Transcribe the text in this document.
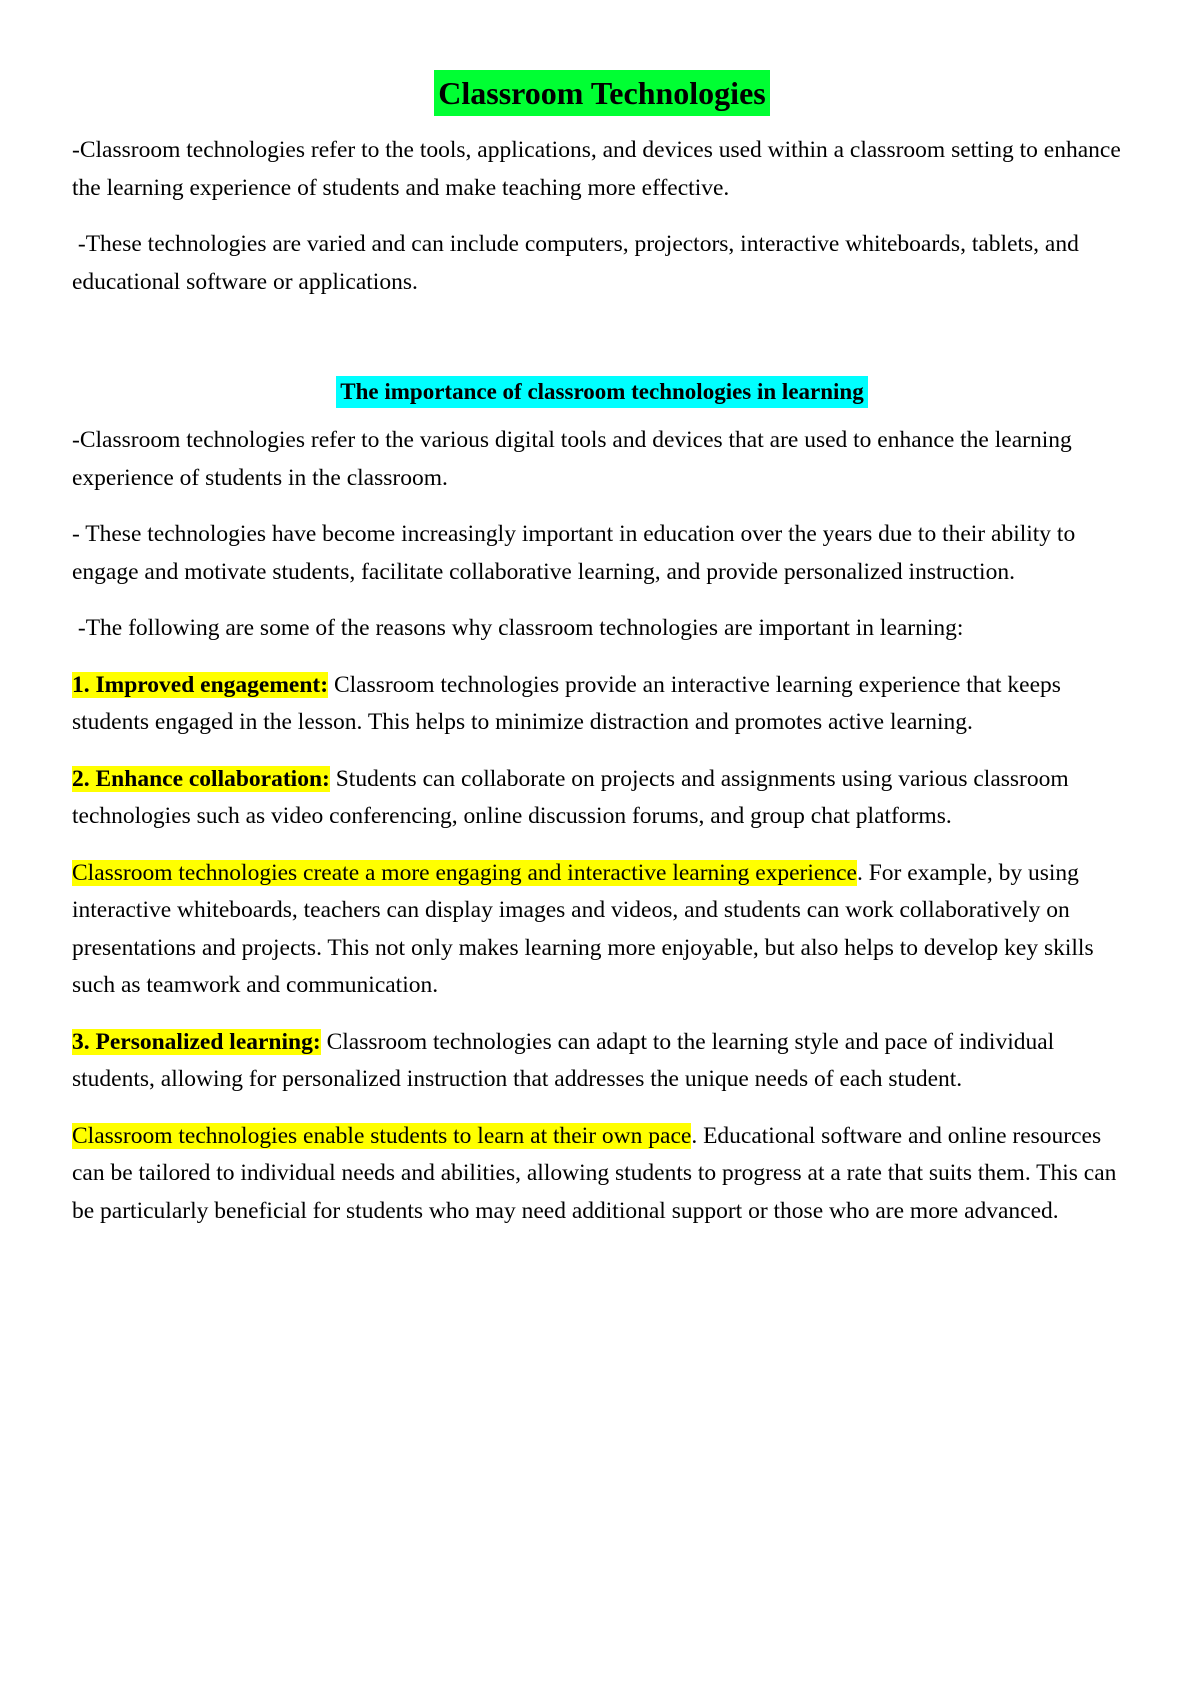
Classroom Technologies

-Classroom technologies refer to the tools, applications, and devices used within a classroom setting to enhance the learning experience of students and make teaching more effective.

-These technologies are varied and can include computers, projectors, interactive whiteboards, tablets, and educational software or applications.

The importance of classroom technologies in learning

-Classroom technologies refer to the various digital tools and devices that are used to enhance the learning experience of students in the classroom.

- These technologies have become increasingly important in education over the years due to their ability to engage and motivate students, facilitate collaborative learning, and provide personalized instruction.

-The following are some of the reasons why classroom technologies are important in learning:

1. Improved engagement: Classroom technologies provide an interactive learning experience that keeps students engaged in the lesson. This helps to minimize distraction and promotes active learning.

2. Enhance collaboration: Students can collaborate on projects and assignments using various classroom technologies such as video conferencing, online discussion forums, and group chat platforms.

Classroom technologies create a more engaging and interactive learning experience. For example, by using interactive whiteboards, teachers can display images and videos, and students can work collaboratively on presentations and projects. This not only makes learning more enjoyable, but also helps to develop key skills such as teamwork and communication.

3. Personalized learning: Classroom technologies can adapt to the learning style and pace of individual students, allowing for personalized instruction that addresses the unique needs of each student.

Classroom technologies enable students to learn at their own pace. Educational software and online resources can be tailored to individual needs and abilities, allowing students to progress at a rate that suits them. This can be particularly beneficial for students who may need additional support or those who are more advanced.
